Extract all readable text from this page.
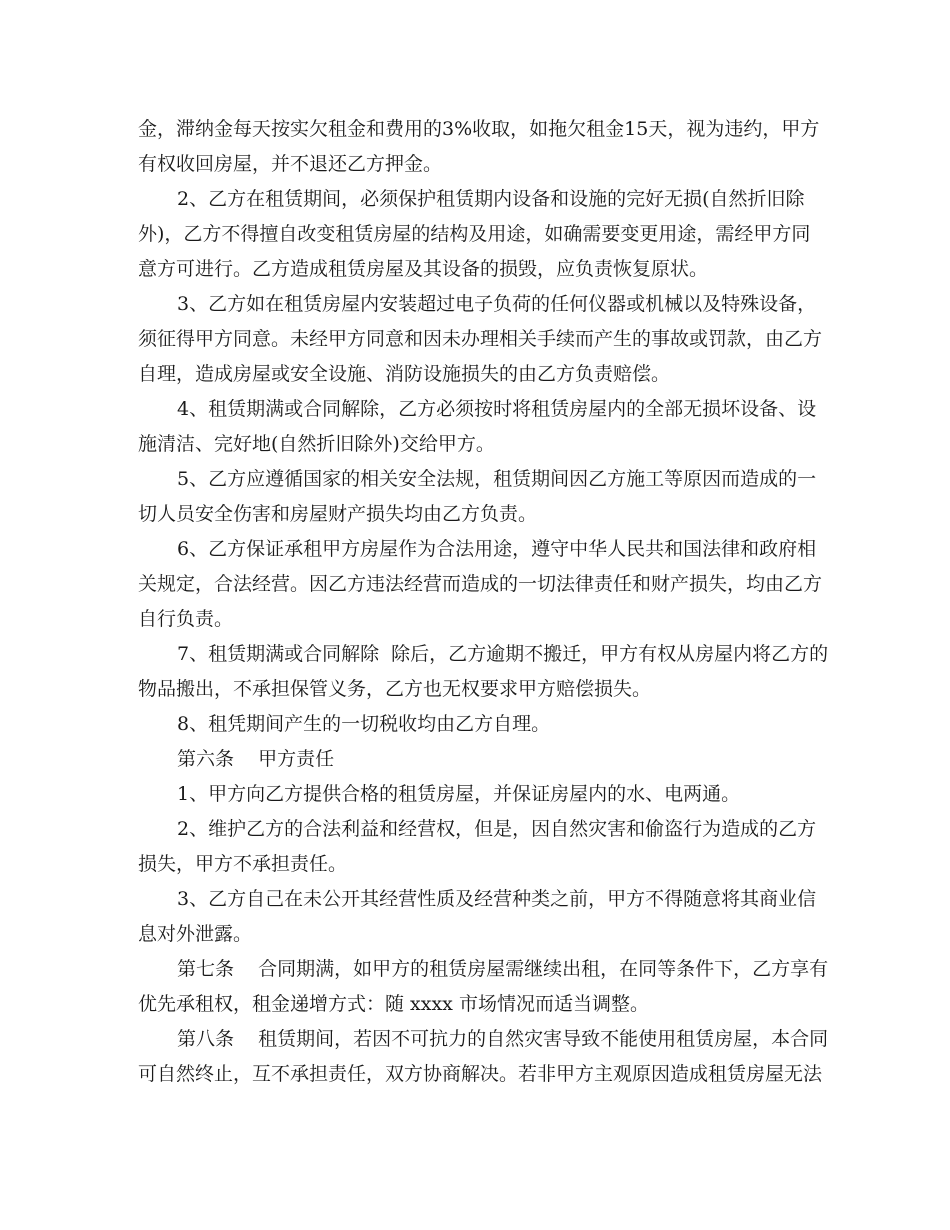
金，滞纳金每天按实欠租金和费用的3%收取，如拖欠租金15天，视为违约，甲方
有权收回房屋，并不退还乙方押金。
2、乙方在租赁期间，必须保护租赁期内设备和设施的完好无损(自然折旧除
外)，乙方不得擅自改变租赁房屋的结构及用途，如确需要变更用途，需经甲方同
意方可进行。乙方造成租赁房屋及其设备的损毁，应负责恢复原状。
3、乙方如在租赁房屋内安装超过电子负荷的任何仪器或机械以及特殊设备，
须征得甲方同意。未经甲方同意和因未办理相关手续而产生的事故或罚款，由乙方
自理，造成房屋或安全设施、消防设施损失的由乙方负责赔偿。
4、租赁期满或合同解除，乙方必须按时将租赁房屋内的全部无损坏设备、设
施清洁、完好地(自然折旧除外)交给甲方。
5、乙方应遵循国家的相关安全法规，租赁期间因乙方施工等原因而造成的一
切人员安全伤害和房屋财产损失均由乙方负责。
6、乙方保证承租甲方房屋作为合法用途，遵守中华人民共和国法律和政府相
关规定，合法经营。因乙方违法经营而造成的一切法律责任和财产损失，均由乙方
自行负责。
7、租赁期满或合同解除  除后，乙方逾期不搬迁，甲方有权从房屋内将乙方的
物品搬出，不承担保管义务，乙方也无权要求甲方赔偿损失。
8、租凭期间产生的一切税收均由乙方自理。
第六条    甲方责任
1、甲方向乙方提供合格的租赁房屋，并保证房屋内的水、电两通。
2、维护乙方的合法利益和经营权，但是，因自然灾害和偷盗行为造成的乙方
损失，甲方不承担责任。
3、乙方自己在未公开其经营性质及经营种类之前，甲方不得随意将其商业信
息对外泄露。
第七条    合同期满，如甲方的租赁房屋需继续出租，在同等条件下，乙方享有
优先承租权，租金递增方式：随 xxxx 市场情况而适当调整。
第八条    租赁期间，若因不可抗力的自然灾害导致不能使用租赁房屋，本合同
可自然终止，互不承担责任，双方协商解决。若非甲方主观原因造成租赁房屋无法
